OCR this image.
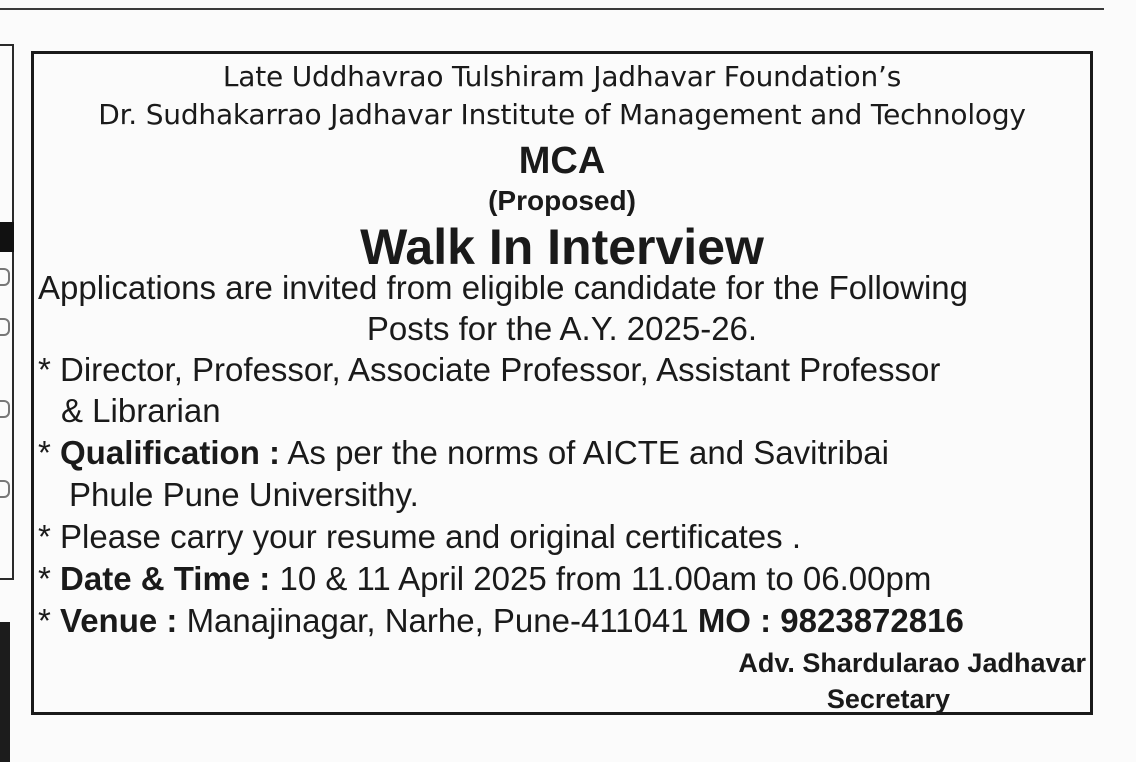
Late Uddhavrao Tulshiram Jadhavar Foundation’s
Dr. Sudhakarrao Jadhavar Institute of Management and Technology
MCA
(Proposed)
Walk In Interview
Applications are invited from eligible candidate for the Following
Posts for the A.Y. 2025-26.
* Director, Professor, Associate Professor, Assistant Professor
& Librarian
* Qualification : As per the norms of AICTE and Savitribai
Phule Pune Universithy.
* Please carry your resume and original certificates .
* Date & Time : 10 & 11 April 2025 from 11.00am to 06.00pm
* Venue : Manajinagar, Narhe, Pune-411041 MO : 9823872816
Adv. Shardularao Jadhavar
Secretary
